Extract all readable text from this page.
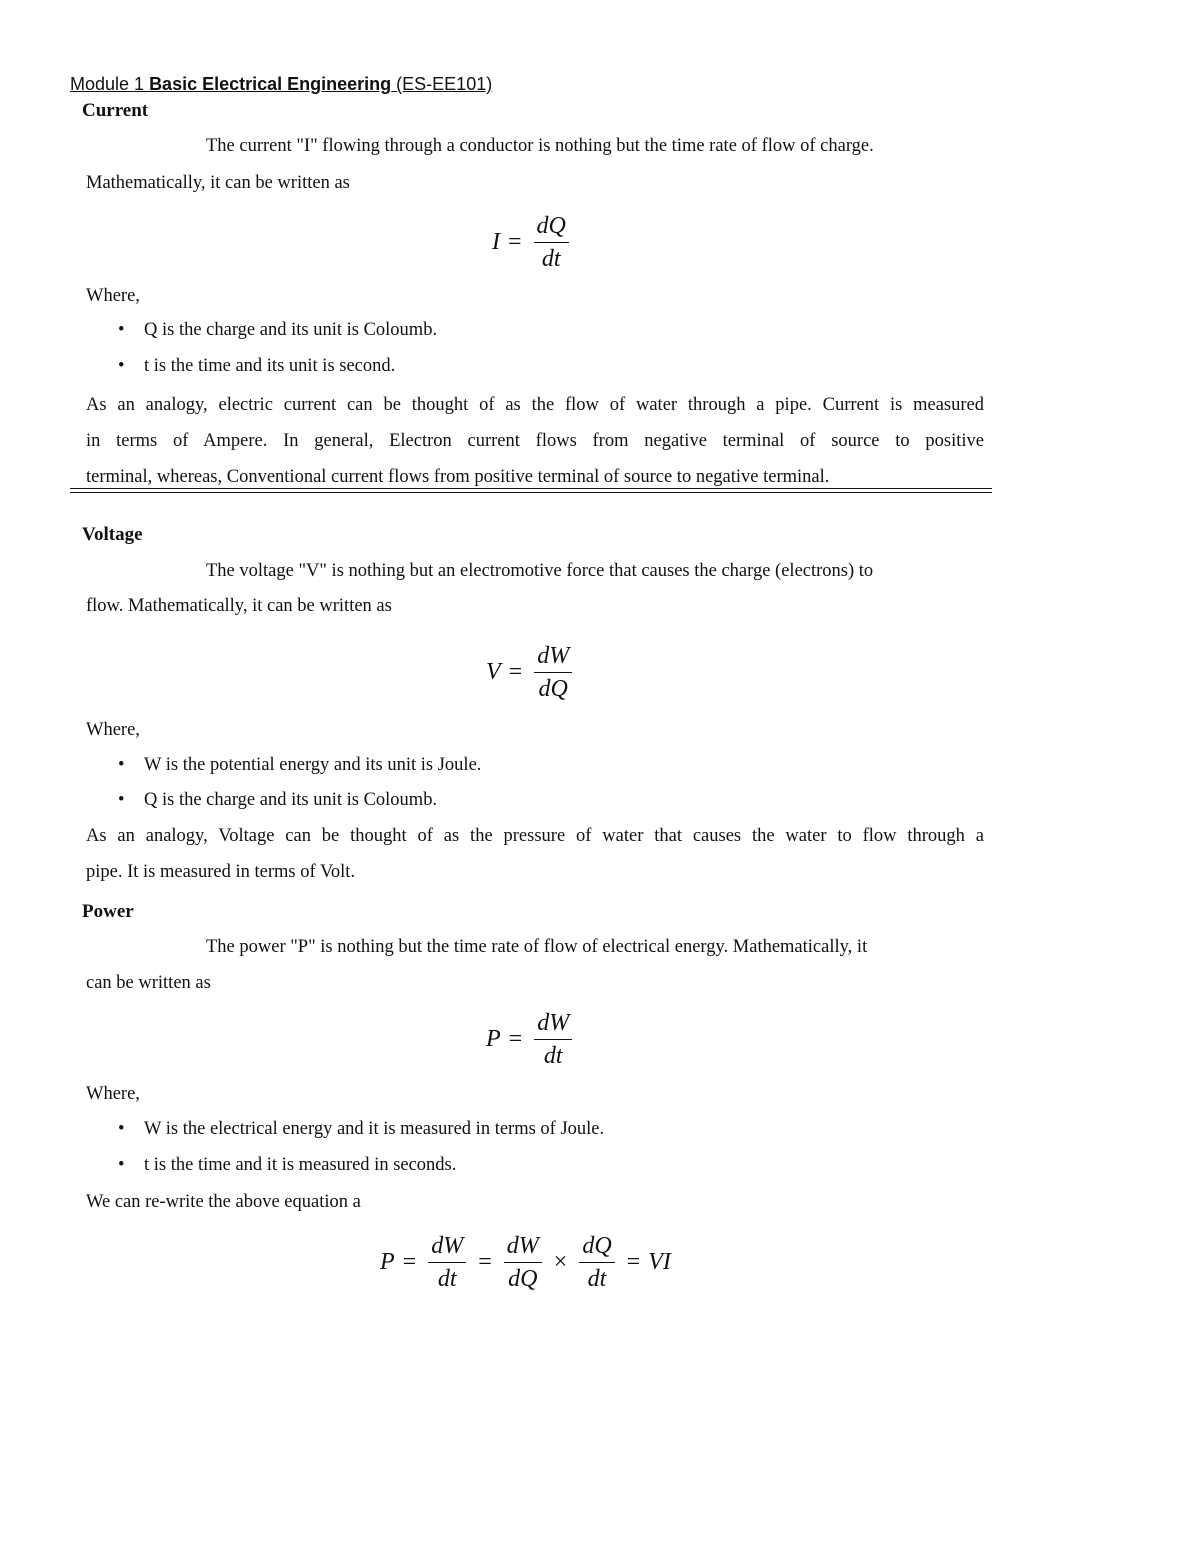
Module 1 Basic Electrical Engineering (ES-EE101)
Current
The current "I" flowing through a conductor is nothing but the time rate of flow of charge.
Mathematically, it can be written as
$I = \frac{dQ}{dt}$
Where,
• Q is the charge and its unit is Coloumb.
• t is the time and its unit is second.
As an analogy, electric current can be thought of as the flow of water through a pipe. Current is measured
in terms of Ampere. In general, Electron current flows from negative terminal of source to positive
terminal, whereas, Conventional current flows from positive terminal of source to negative terminal.
Voltage
The voltage "V" is nothing but an electromotive force that causes the charge (electrons) to
flow. Mathematically, it can be written as
$V = \frac{dW}{dQ}$
Where,
• W is the potential energy and its unit is Joule.
• Q is the charge and its unit is Coloumb.
As an analogy, Voltage can be thought of as the pressure of water that causes the water to flow through a
pipe. It is measured in terms of Volt.
Power
The power "P" is nothing but the time rate of flow of electrical energy. Mathematically, it
can be written as
$P = \frac{dW}{dt}$
Where,
• W is the electrical energy and it is measured in terms of Joule.
• t is the time and it is measured in seconds.
We can re-write the above equation a
$P = \frac{dW}{dt} = \frac{dW}{dQ} \times \frac{dQ}{dt}$ = VI
